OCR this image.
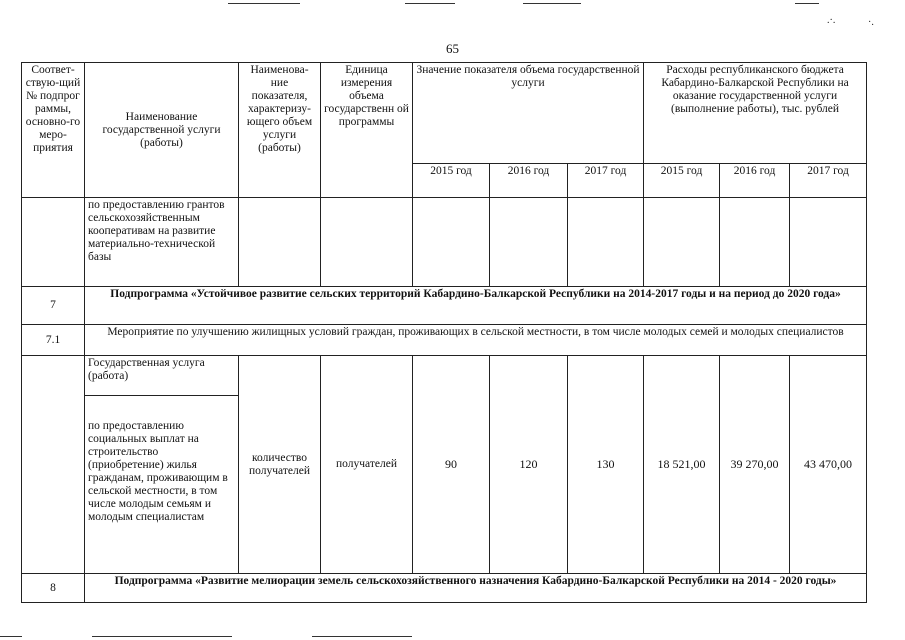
.·.	·.
65
Соответ-ствую-щий № подпрог раммы, основно-го меро-приятия	Наименование государственной услуги (работы)	Наименова-ние показателя, характеризу-ющего объем услуги (работы)	Единица измерения объема государственн ой программы	Значение показателя объема государственной услуги			Расходы республиканского бюджета Кабардино-Балкарской Республики на оказание государственной услуги (выполнение работы), тыс. рублей		
				2015 год	2016 год	2017 год	2015 год	2016 год	2017 год
	по предоставлению грантов сельскохозяйственным кооперативам на развитие материально-технической базы								
7	Подпрограмма «Устойчивое развитие сельских территорий Кабардино-Балкарской Республики на 2014-2017 годы и на период до 2020 года»								
7.1	Мероприятие по улучшению жилищных условий граждан, проживающих в сельской местности, в том числе молодых семей и молодых специалистов								
	Государственная услуга (работа)	количество получателей	получателей	90	120	130	18 521,00	39 270,00	43 470,00
	по предоставлению социальных выплат на строительство (приобретение) жилья гражданам, проживающим в сельской местности, в том числе молодым семьям и молодым специалистам								
8	Подпрограмма «Развитие мелиорации земель сельскохозяйственного назначения Кабардино-Балкарской Республики на 2014 - 2020 годы»								
